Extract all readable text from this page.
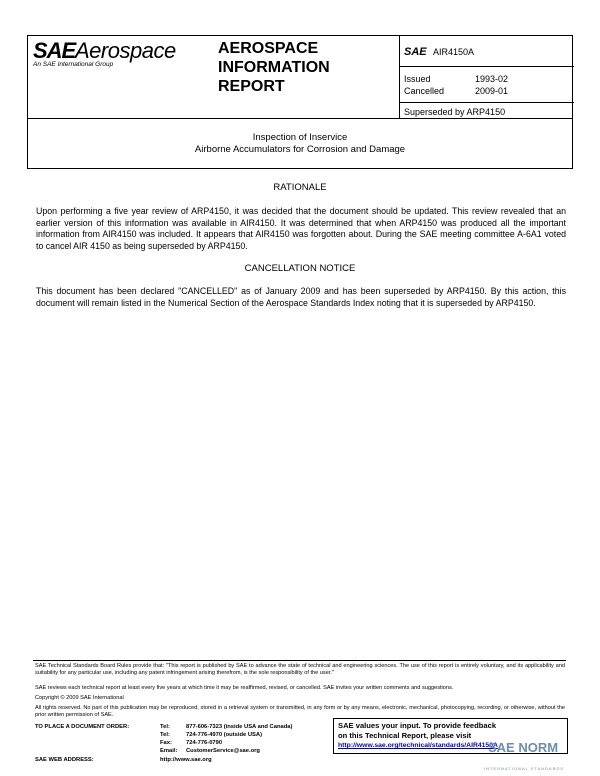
SAE Aerospace
An SAE International Group
AEROSPACE
INFORMATION
REPORT
SAE AIR4150A
Issued	1993-02
Cancelled	2009-01
Superseded by ARP4150
Inspection of Inservice
Airborne Accumulators for Corrosion and Damage
RATIONALE
Upon performing a five year review of ARP4150, it was decided that the document should be updated. This review revealed that an earlier version of this information was available in AIR4150. It was determined that when ARP4150 was produced all the important information from AIR4150 was included. It appears that AIR4150 was forgotten about. During the SAE meeting committee A-6A1 voted to cancel AIR 4150 as being superseded by ARP4150.
CANCELLATION NOTICE
This document has been declared "CANCELLED" as of January 2009 and has been superseded by ARP4150. By this action, this document will remain listed in the Numerical Section of the Aerospace Standards Index noting that it is superseded by ARP4150.
SAE Technical Standards Board Rules provide that: "This report is published by SAE to advance the state of technical and engineering sciences. The use of this report is entirely voluntary, and its applicability and suitability for any particular use, including any patent infringement arising therefrom, is the sole responsibility of the user."
SAE reviews each technical report at least every five years at which time it may be reaffirmed, revised, or cancelled. SAE invites your written comments and suggestions.
Copyright © 2009 SAE International
All rights reserved. No part of this publication may be reproduced, stored in a retrieval system or transmitted, in any form or by any means, electronic, mechanical, photocopying, recording, or otherwise, without the prior written permission of SAE.
TO PLACE A DOCUMENT ORDER:	Tel:	877-606-7323 (inside USA and Canada)
Tel:	724-776-4970 (outside USA)
Fax: 724-776-0790
Email: CustomerService@sae.org
SAE WEB ADDRESS:	http://www.sae.org
SAE values your input. To provide feedback
on this Technical Report, please visit
http://www.sae.org/technical/standards/AIR4150A
SAE NORM
INTERNATIONAL STANDARDS
